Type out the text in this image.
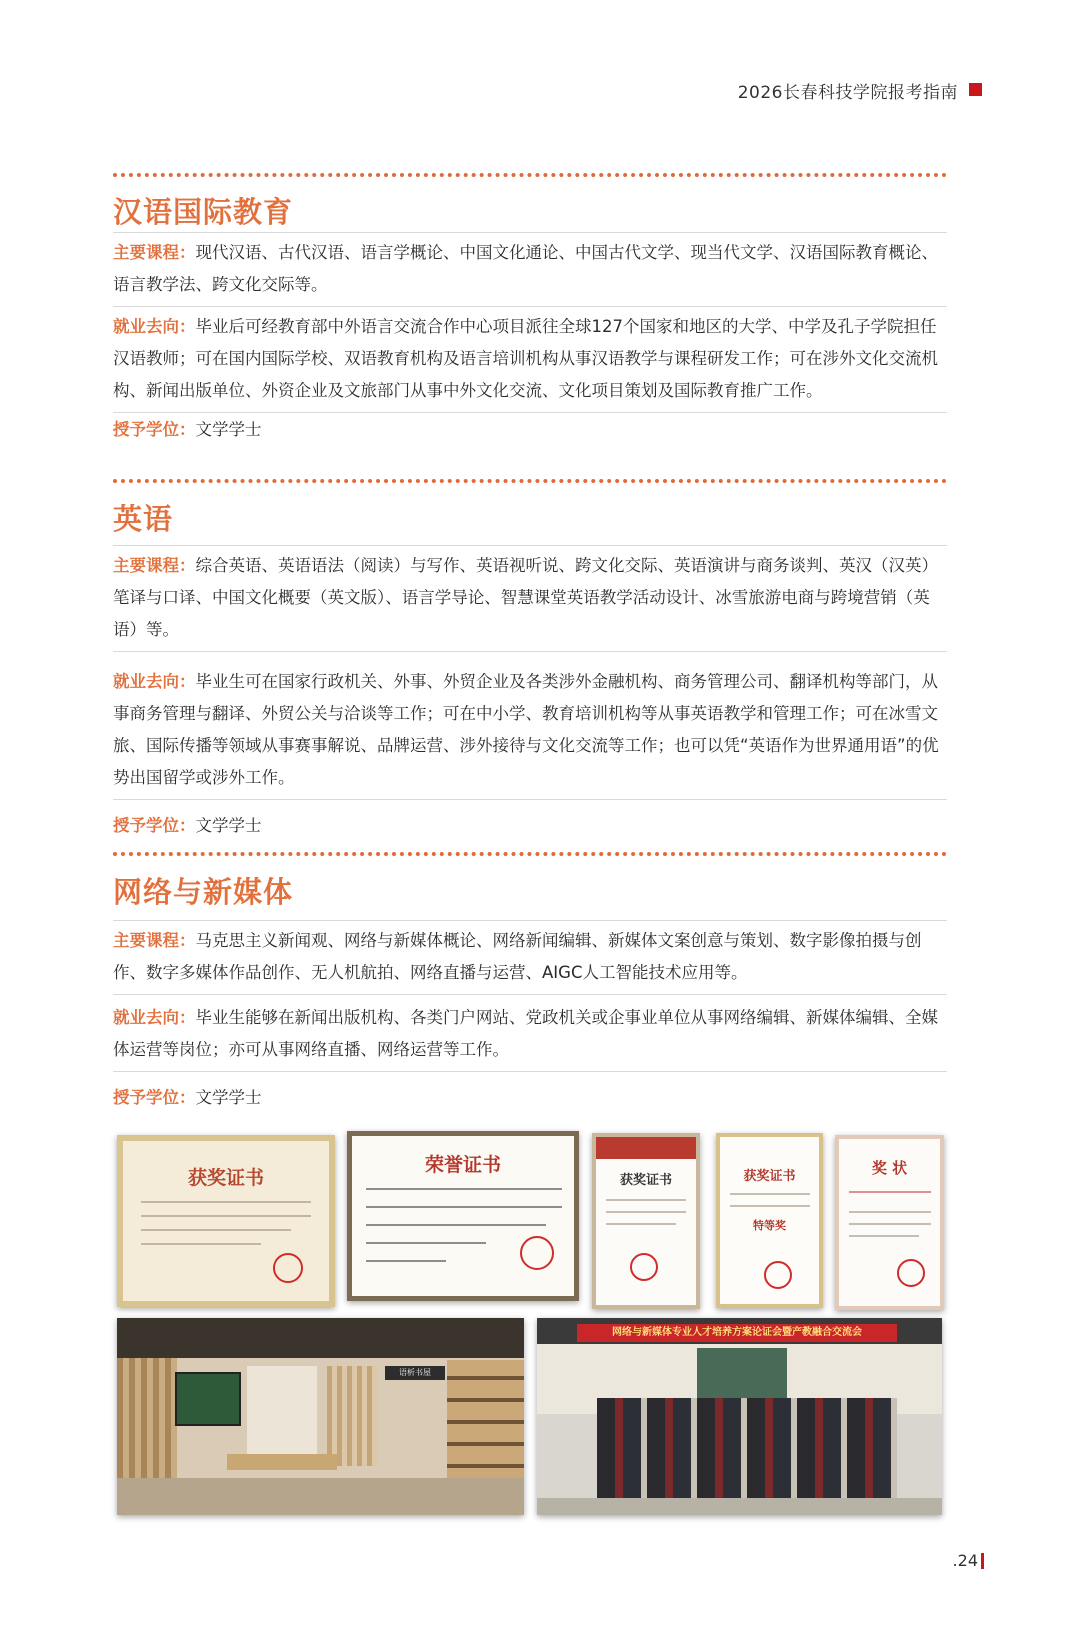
2026长春科技学院报考指南
汉语国际教育
主要课程：现代汉语、古代汉语、语言学概论、中国文化通论、中国古代文学、现当代文学、汉语国际教育概论、语言教学法、跨文化交际等。
就业去向：毕业后可经教育部中外语言交流合作中心项目派往全球127个国家和地区的大学、中学及孔子学院担任汉语教师；可在国内国际学校、双语教育机构及语言培训机构从事汉语教学与课程研发工作；可在涉外文化交流机构、新闻出版单位、外资企业及文旅部门从事中外文化交流、文化项目策划及国际教育推广工作。
授予学位：文学学士
英语
主要课程：综合英语、英语语法（阅读）与写作、英语视听说、跨文化交际、英语演讲与商务谈判、英汉（汉英）笔译与口译、中国文化概要（英文版）、语言学导论、智慧课堂英语教学活动设计、冰雪旅游电商与跨境营销（英语）等。
就业去向：毕业生可在国家行政机关、外事、外贸企业及各类涉外金融机构、商务管理公司、翻译机构等部门，从事商务管理与翻译、外贸公关与洽谈等工作；可在中小学、教育培训机构等从事英语教学和管理工作；可在冰雪文旅、国际传播等领域从事赛事解说、品牌运营、涉外接待与文化交流等工作；也可以凭“英语作为世界通用语”的优势出国留学或涉外工作。
授予学位：文学学士
网络与新媒体
主要课程：马克思主义新闻观、网络与新媒体概论、网络新闻编辑、新媒体文案创意与策划、数字影像拍摄与创作、数字多媒体作品创作、无人机航拍、网络直播与运营、AIGC人工智能技术应用等。
就业去向：毕业生能够在新闻出版机构、各类门户网站、党政机关或企事业单位从事网络编辑、新媒体编辑、全媒体运营等岗位；亦可从事网络直播、网络运营等工作。
授予学位：文学学士
获奖证书
荣誉证书
获奖证书	获奖证书
特等奖
奖 状
语析书屋
网络与新媒体专业人才培养方案论证会暨产教融合交流会
.24
